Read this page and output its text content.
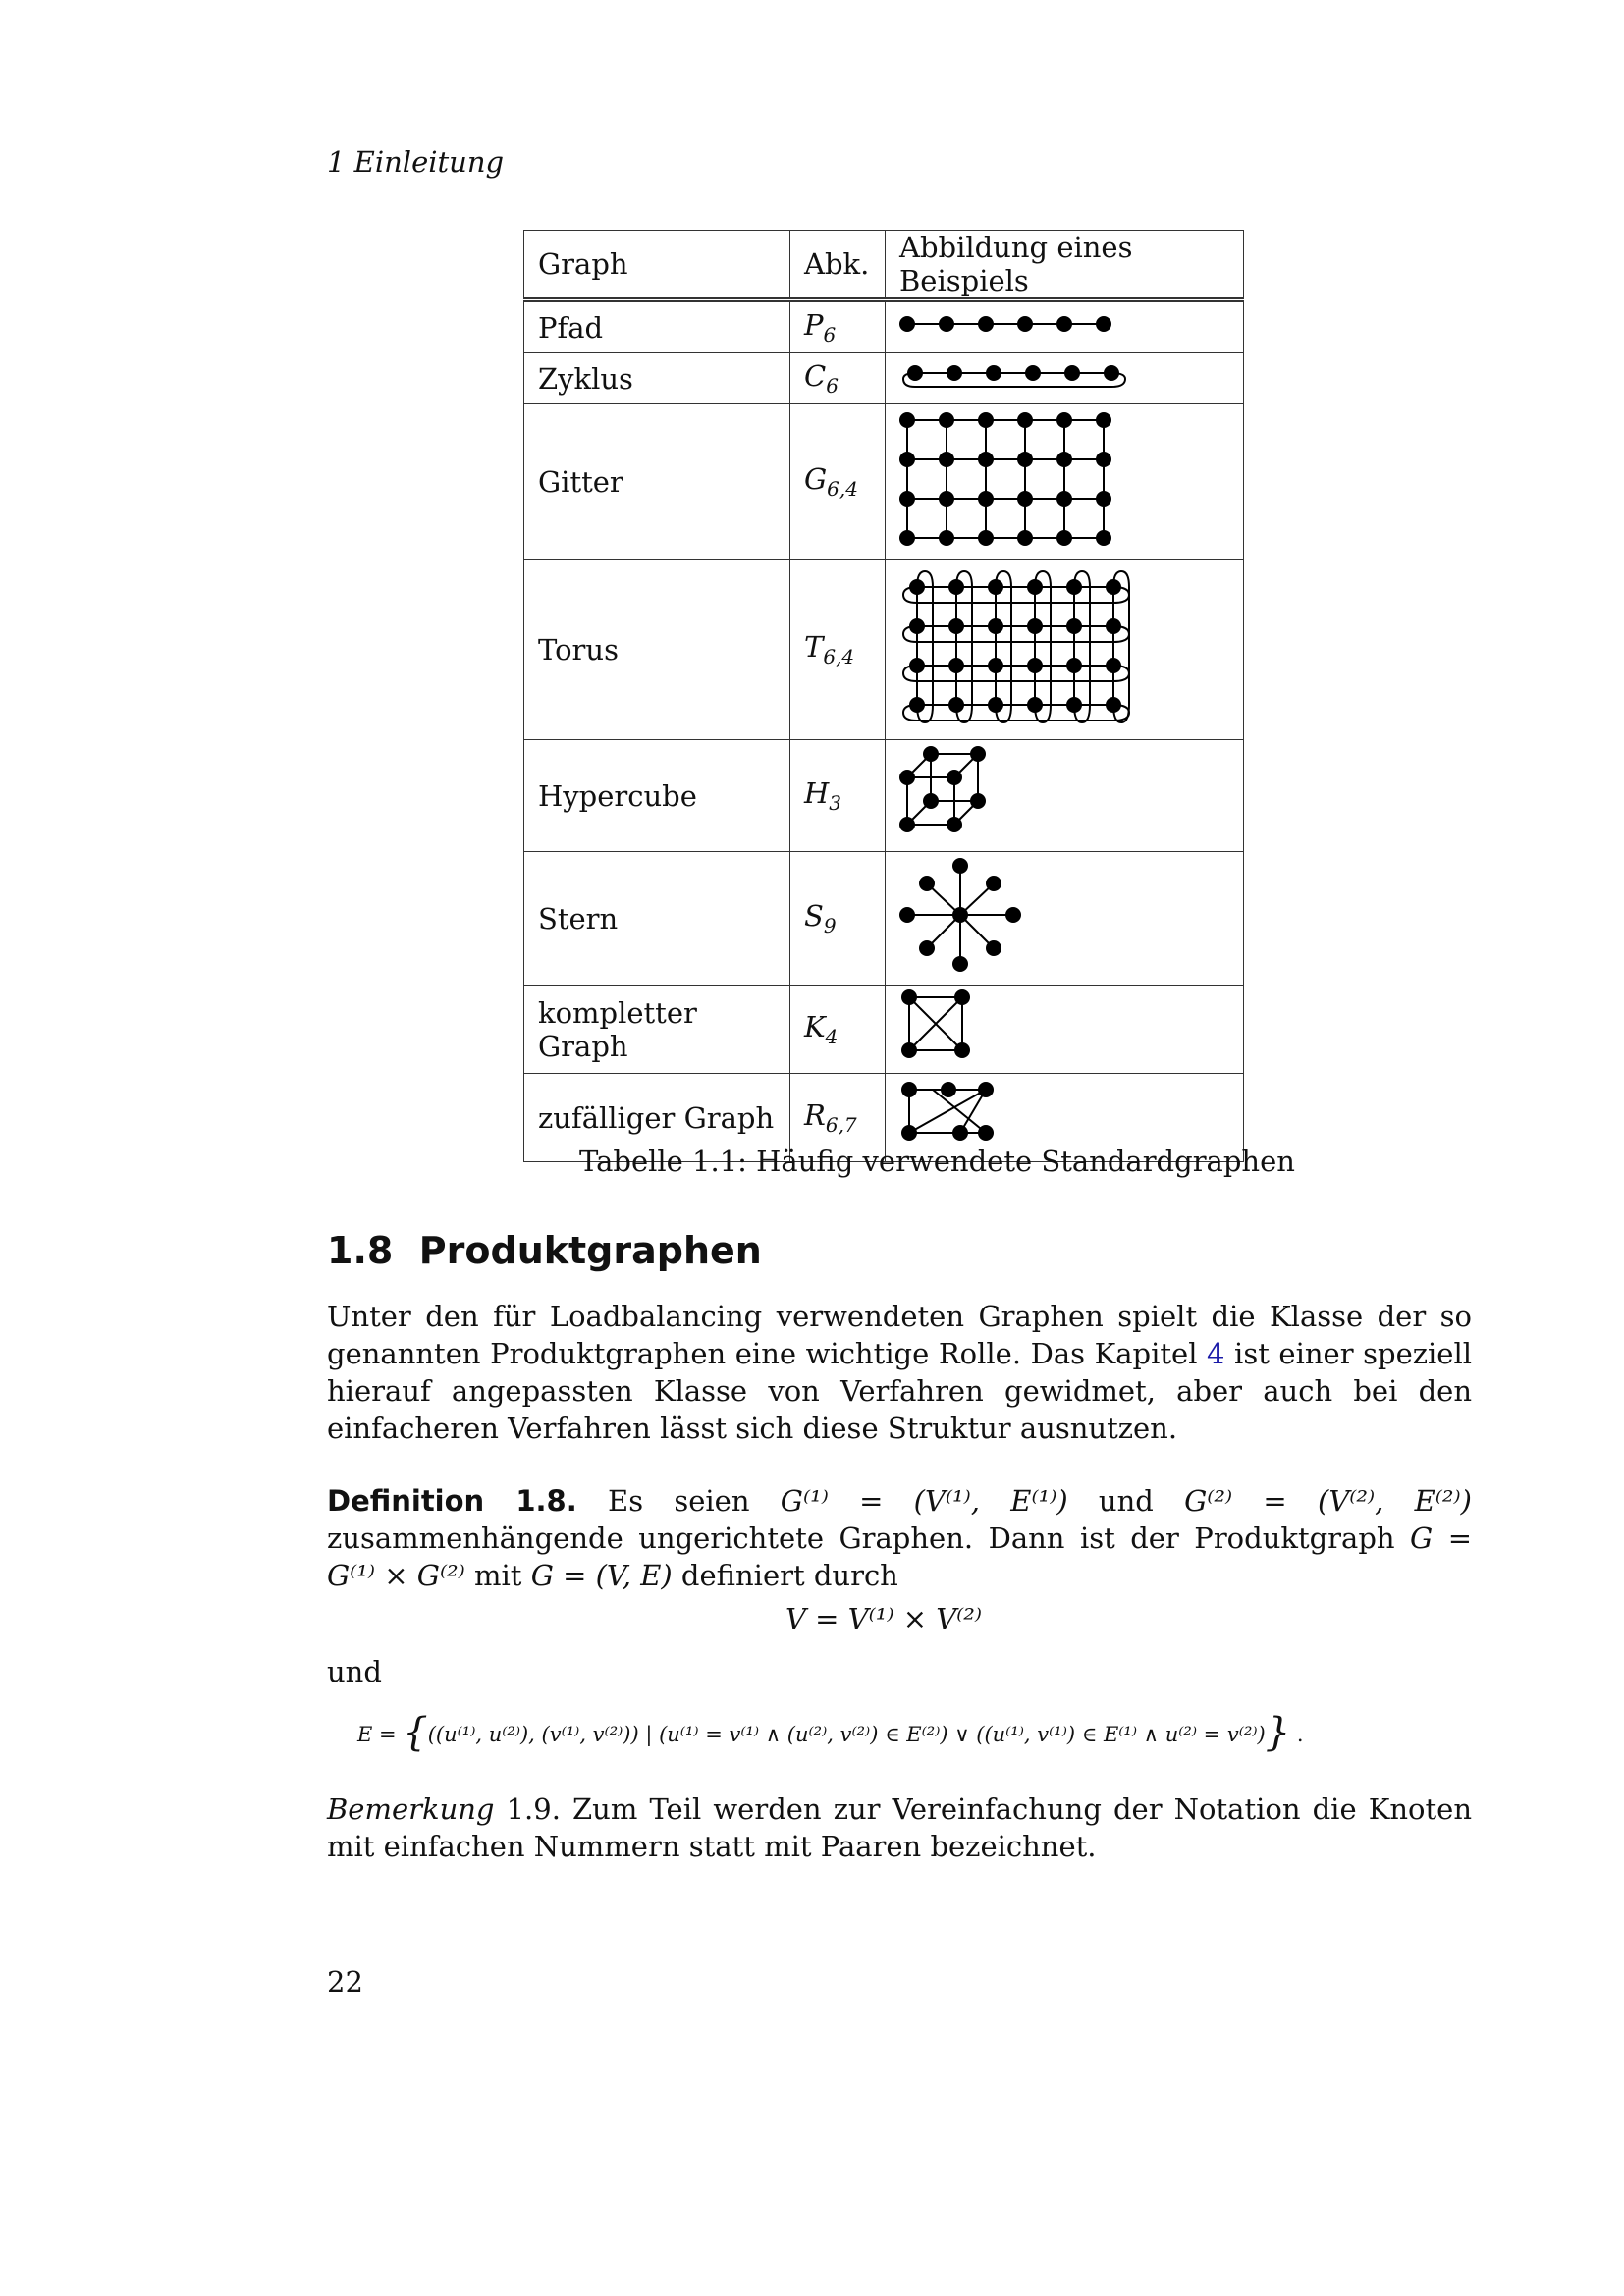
1 Einleitung
Graph	Abk.	Abbildung eines Beispiels
Pfad	$P_6$	
Zyklus	$C_6$	
Gitter	$G_{6,4}$	
Torus	$T_{6,4}$	
Hypercube	$H_3$	
Stern	$S_9$	
kompletter Graph	$K_4$	
zufälliger Graph	$R_{6,7}$	
Tabelle 1.1: Häufig verwendete Standardgraphen
1.8 Produktgraphen

Unter den für Loadbalancing verwendeten Graphen spielt die Klasse der so genannten Produktgraphen eine wichtige Rolle. Das Kapitel 4 ist einer speziell hierauf angepassten Klasse von Verfahren gewidmet, aber auch bei den einfacheren Verfahren lässt sich diese Struktur ausnutzen.

Definition 1.8. Es seien G⁽¹⁾ = (V⁽¹⁾, E⁽¹⁾) und G⁽²⁾ = (V⁽²⁾, E⁽²⁾) zusammenhängende ungerichtete Graphen. Dann ist der Produktgraph G = G⁽¹⁾ × G⁽²⁾ mit G = (V, E) definiert durch

V = V⁽¹⁾ × V⁽²⁾
und
E = {((u⁽¹⁾, u⁽²⁾), (v⁽¹⁾, v⁽²⁾)) | (u⁽¹⁾ = v⁽¹⁾ ∧ (u⁽²⁾, v⁽²⁾) ∈ E⁽²⁾) ∨ ((u⁽¹⁾, v⁽¹⁾) ∈ E⁽¹⁾ ∧ u⁽²⁾ = v⁽²⁾)} .

Bemerkung 1.9. Zum Teil werden zur Vereinfachung der Notation die Knoten mit einfachen Nummern statt mit Paaren bezeichnet.

22
